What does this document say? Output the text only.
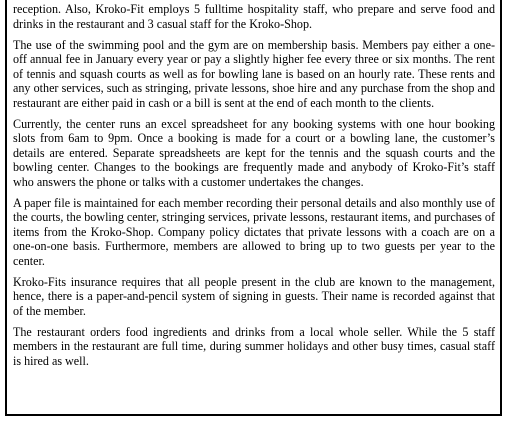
reception. Also, Kroko-Fit employs 5 fulltime hospitality staff, who prepare and serve food and drinks in the restaurant and 3 casual staff for the Kroko-Shop.

The use of the swimming pool and the gym are on membership basis. Members pay either a one-off annual fee in January every year or pay a slightly higher fee every three or six months. The rent of tennis and squash courts as well as for bowling lane is based on an hourly rate. These rents and any other services, such as stringing, private lessons, shoe hire and any purchase from the shop and restaurant are either paid in cash or a bill is sent at the end of each month to the clients.

Currently, the center runs an excel spreadsheet for any booking systems with one hour booking slots from 6am to 9pm. Once a booking is made for a court or a bowling lane, the customer’s details are entered. Separate spreadsheets are kept for the tennis and the squash courts and the bowling center. Changes to the bookings are frequently made and anybody of Kroko-Fit’s staff who answers the phone or talks with a customer undertakes the changes.

A paper file is maintained for each member recording their personal details and also monthly use of the courts, the bowling center, stringing services, private lessons, restaurant items, and purchases of items from the Kroko-Shop. Company policy dictates that private lessons with a coach are on a one-on-one basis. Furthermore, members are allowed to bring up to two guests per year to the center.

Kroko-Fits insurance requires that all people present in the club are known to the management, hence, there is a paper-and-pencil system of signing in guests. Their name is recorded against that of the member.

The restaurant orders food ingredients and drinks from a local whole seller. While the 5 staff members in the restaurant are full time, during summer holidays and other busy times, casual staff is hired as well.
